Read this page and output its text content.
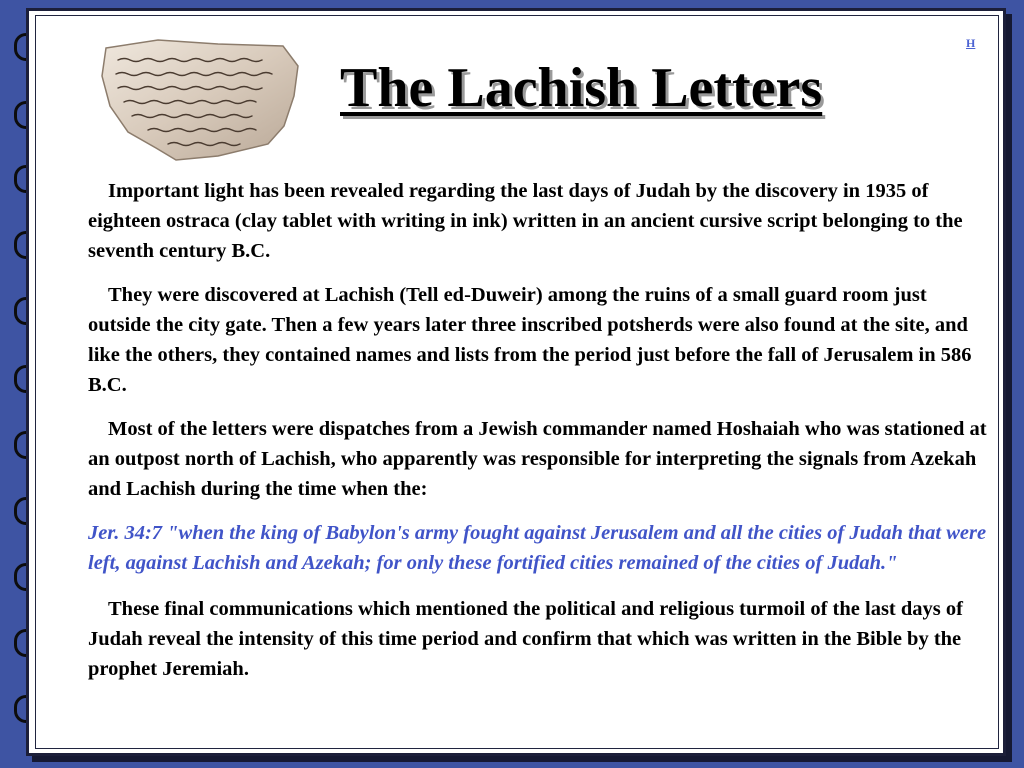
The Lachish Letters
H

Important light has been revealed regarding the last days of Judah by the discovery in 1935 of eighteen ostraca (clay tablet with writing in ink) written in an ancient cursive script belonging to the seventh century B.C.

They were discovered at Lachish (Tell ed-Duweir) among the ruins of a small guard room just outside the city gate. Then a few years later three inscribed potsherds were also found at the site, and like the others, they contained names and lists from the period just before the fall of Jerusalem in 586 B.C.

Most of the letters were dispatches from a Jewish commander named Hoshaiah who was stationed at an outpost north of Lachish, who apparently was responsible for interpreting the signals from Azekah and Lachish during the time when the:

Jer. 34:7 "when the king of Babylon's army fought against Jerusalem and all the cities of Judah that were left, against Lachish and Azekah; for only these fortified cities remained of the cities of Judah."

These final communications which mentioned the political and religious turmoil of the last days of Judah reveal the intensity of this time period and confirm that which was written in the Bible by the prophet Jeremiah.
